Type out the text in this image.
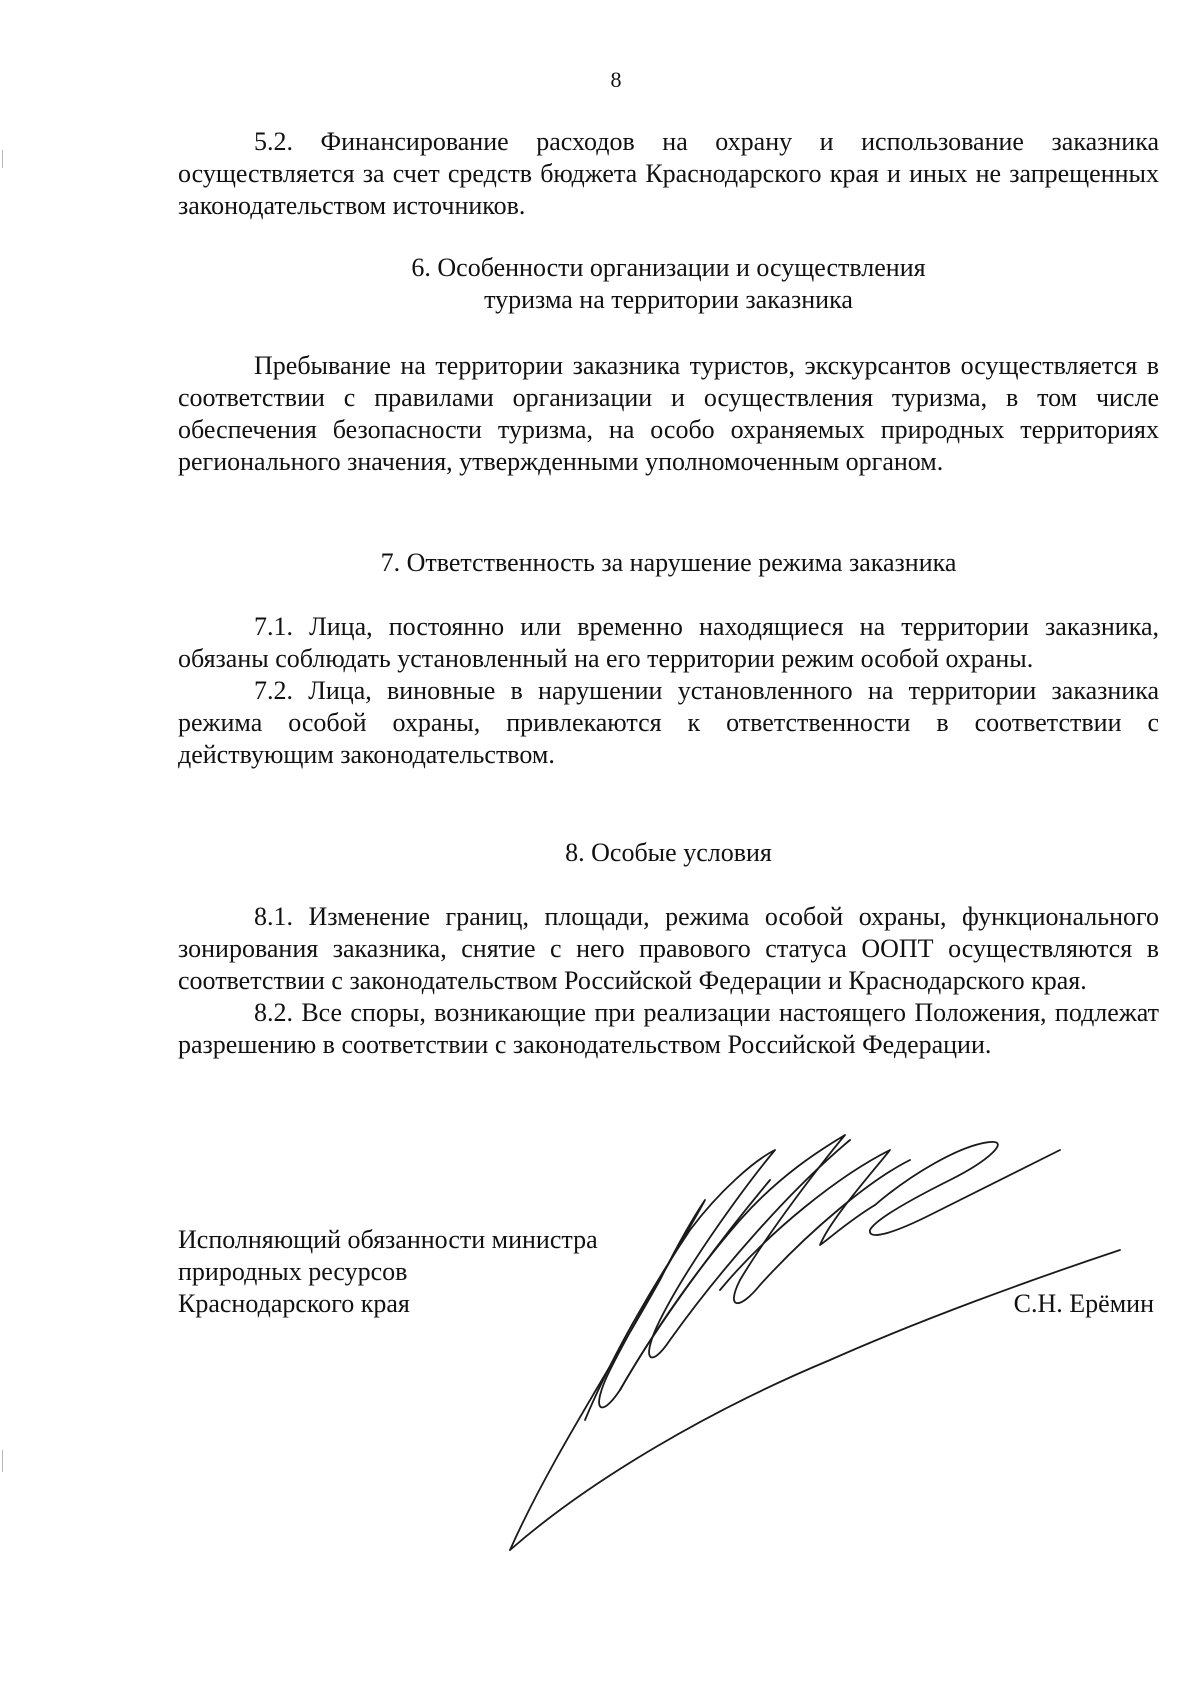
8

5.2. Финансирование расходов на охрану и использование заказника осуществляется за счет средств бюджета Краснодарского края и иных не запрещенных законодательством источников.

6. Особенности организации и осуществления
туризма на территории заказника

Пребывание на территории заказника туристов, экскурсантов осуществляется в соответствии с правилами организации и осуществления туризма, в том числе обеспечения безопасности туризма, на особо охраняемых природных территориях регионального значения, утвержденными уполномоченным органом.

7. Ответственность за нарушение режима заказника

7.1. Лица, постоянно или временно находящиеся на территории заказника, обязаны соблюдать установленный на его территории режим особой охраны.

7.2. Лица, виновные в нарушении установленного на территории заказника режима особой охраны, привлекаются к ответственности в соответствии с действующим законодательством.

8. Особые условия

8.1. Изменение границ, площади, режима особой охраны, функционального зонирования заказника, снятие с него правового статуса ООПТ осуществляются в соответствии с законодательством Российской Федерации и Краснодарского края.

8.2. Все споры, возникающие при реализации настоящего Положения, подлежат разрешению в соответствии с законодательством Российской Федерации.

Исполняющий обязанности министра
природных ресурсов
Краснодарского края	С.Н. Ерёмин
